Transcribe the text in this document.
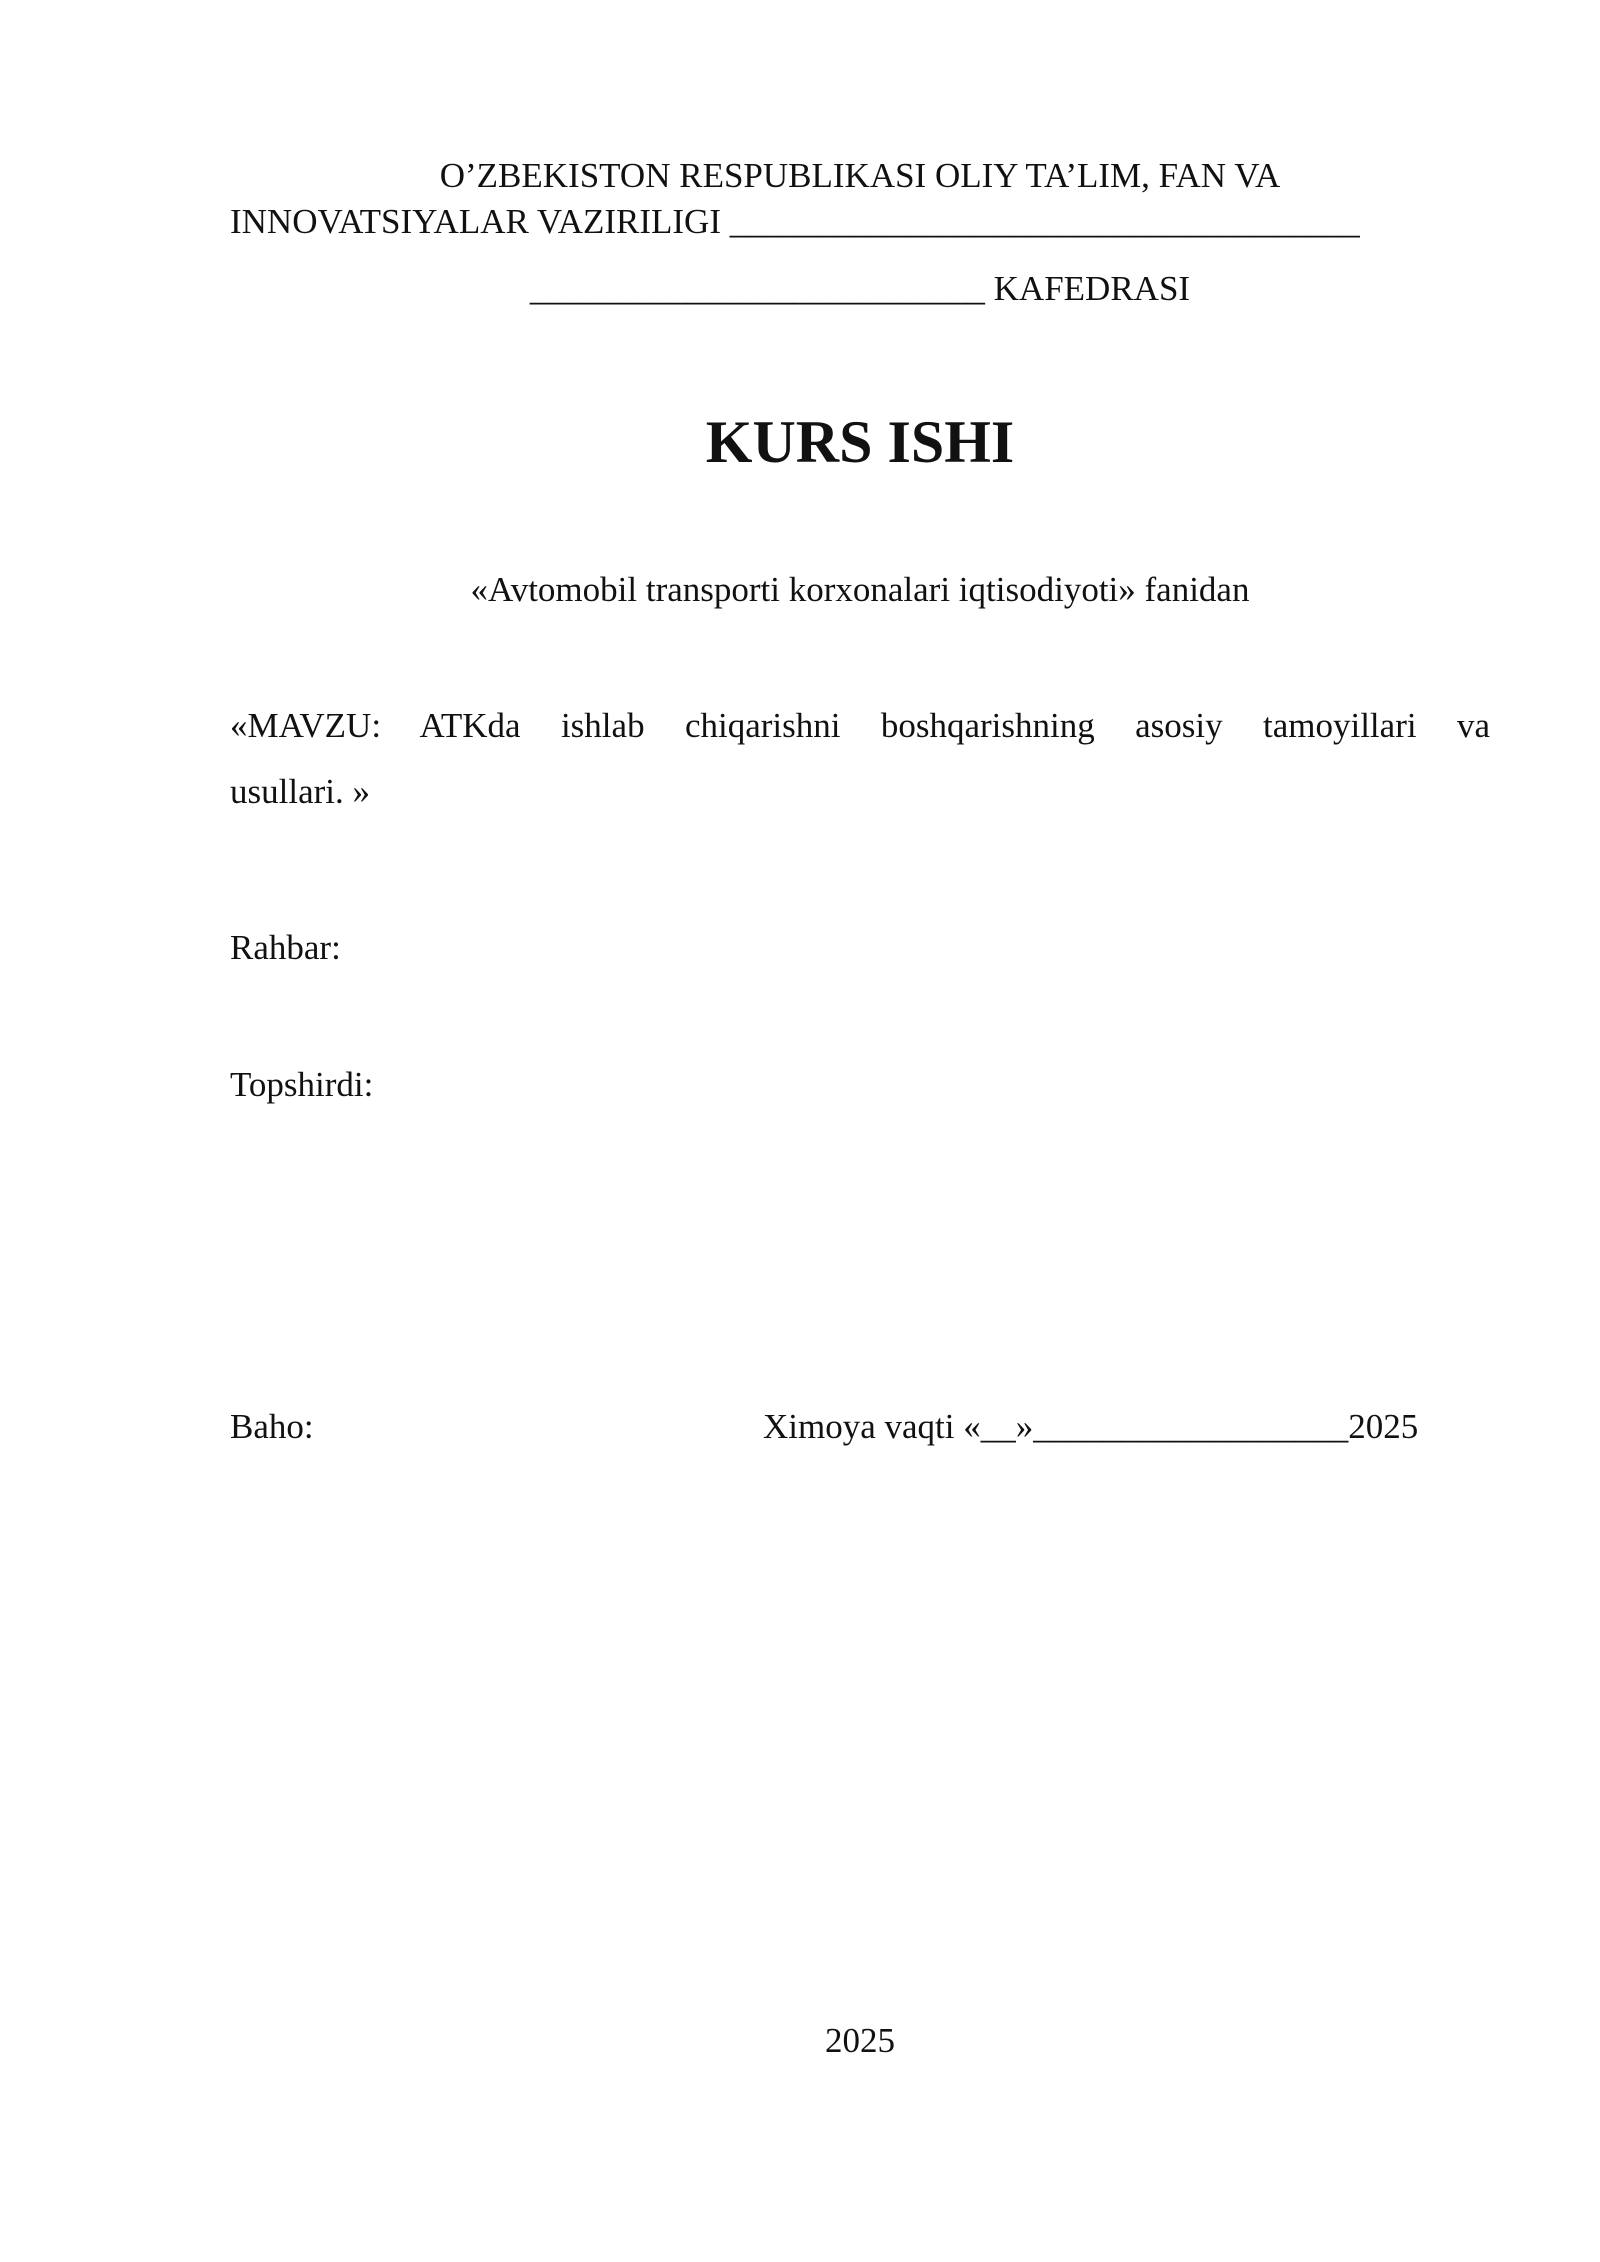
O’ZBEKISTON RESPUBLIKASI OLIY TA’LIM, FAN VA
INNOVATSIYALAR VAZIRILIGI ____________________________________
__________________________ KAFEDRASI
KURS ISHI
«Avtomobil transporti korxonalari iqtisodiyoti» fanidan
«MAVZU: ATKda ishlab chiqarishni boshqarishning asosiy tamoyillari va
usullari. »
Rahbar:
Topshirdi:
Baho:	Ximoya vaqti «__»__________________2025
2025
